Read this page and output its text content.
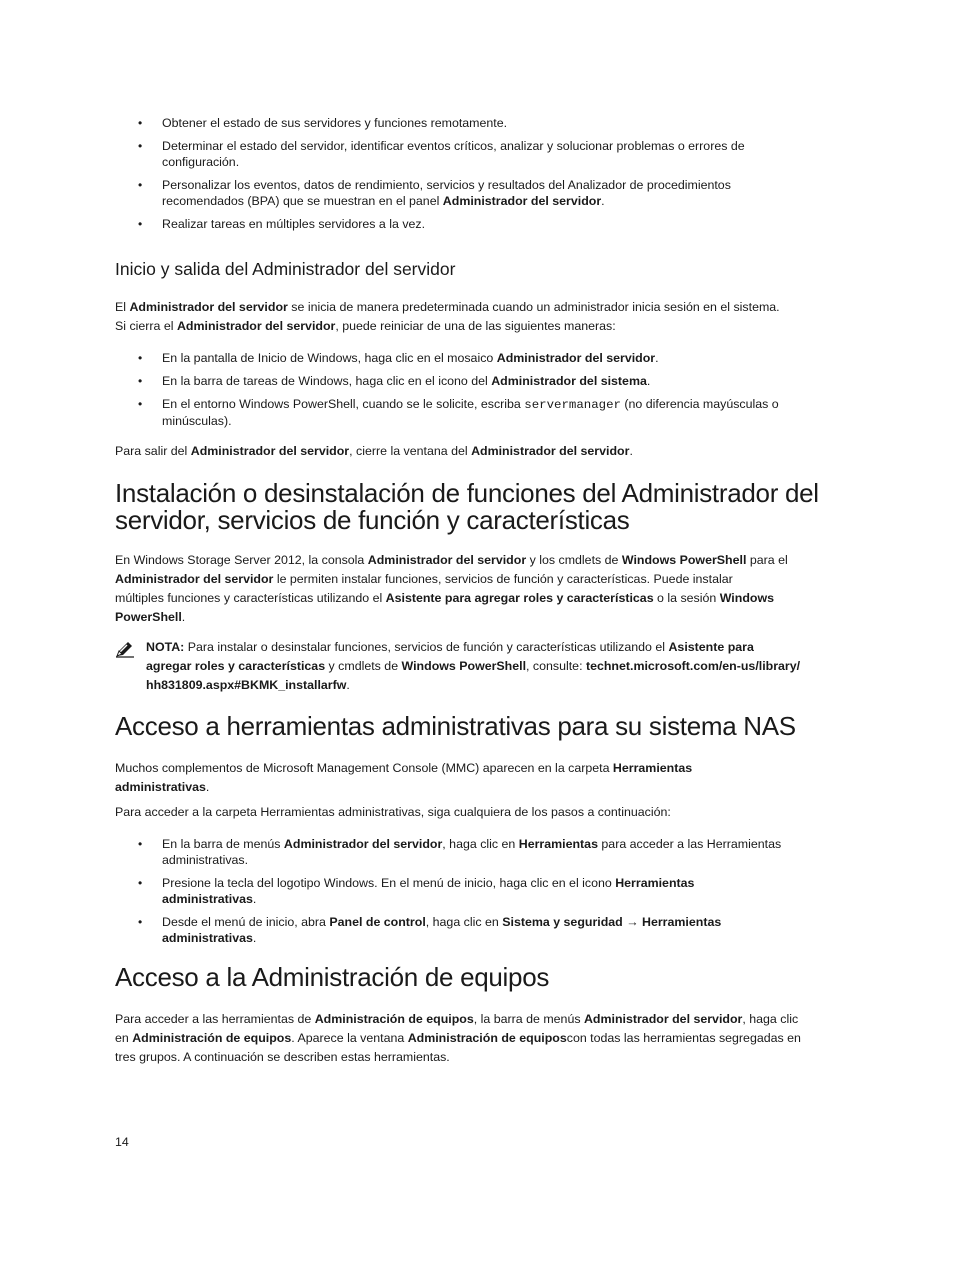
•	Obtener el estado de sus servidores y funciones remotamente.
•	Determinar el estado del servidor, identificar eventos críticos, analizar y solucionar problemas o errores de configuración.
•	Personalizar los eventos, datos de rendimiento, servicios y resultados del Analizador de procedimientos recomendados (BPA) que se muestran en el panel Administrador del servidor.
•	Realizar tareas en múltiples servidores a la vez.
Inicio y salida del Administrador del servidor

El Administrador del servidor se inicia de manera predeterminada cuando un administrador inicia sesión en el sistema.
Si cierra el Administrador del servidor, puede reiniciar de una de las siguientes maneras:

•	En la pantalla de Inicio de Windows, haga clic en el mosaico Administrador del servidor.
•	En la barra de tareas de Windows, haga clic en el icono del Administrador del sistema.
•	En el entorno Windows PowerShell, cuando se le solicite, escriba servermanager (no diferencia mayúsculas o minúsculas).

Para salir del Administrador del servidor, cierre la ventana del Administrador del servidor.

Instalación o desinstalación de funciones del Administrador del
servidor, servicios de función y características

En Windows Storage Server 2012, la consola Administrador del servidor y los cmdlets de Windows PowerShell para el
Administrador del servidor le permiten instalar funciones, servicios de función y características. Puede instalar
múltiples funciones y características utilizando el Asistente para agregar roles y características o la sesión Windows
PowerShell.

NOTA: Para instalar o desinstalar funciones, servicios de función y características utilizando el Asistente para
agregar roles y características y cmdlets de Windows PowerShell, consulte: technet.microsoft.com/en-us/library/
hh831809.aspx#BKMK_installarfw.

Acceso a herramientas administrativas para su sistema NAS

Muchos complementos de Microsoft Management Console (MMC) aparecen en la carpeta Herramientas
administrativas.

Para acceder a la carpeta Herramientas administrativas, siga cualquiera de los pasos a continuación:

•	En la barra de menús Administrador del servidor, haga clic en Herramientas para acceder a las Herramientas administrativas.
•	Presione la tecla del logotipo Windows. En el menú de inicio, haga clic en el icono Herramientas
administrativas.
•	Desde el menú de inicio, abra Panel de control, haga clic en Sistema y seguridad → Herramientas
administrativas.
Acceso a la Administración de equipos

Para acceder a las herramientas de Administración de equipos, la barra de menús Administrador del servidor, haga clic
en Administración de equipos. Aparece la ventana Administración de equiposcon todas las herramientas segregadas en
tres grupos. A continuación se describen estas herramientas.

14
